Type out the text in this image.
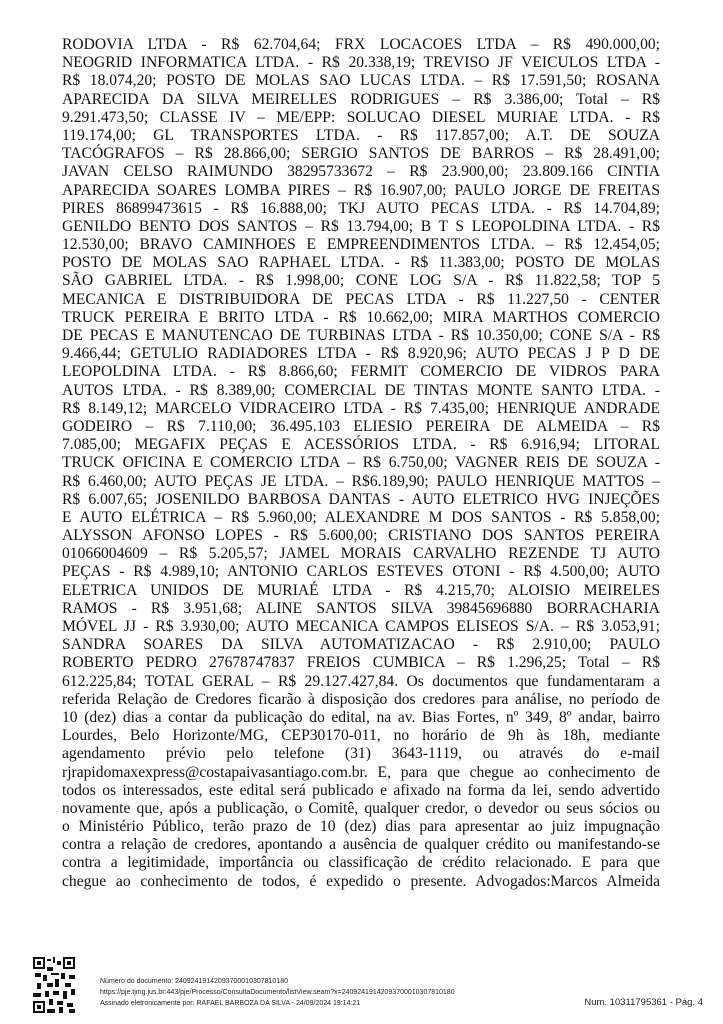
RODOVIA LTDA - R$ 62.704,64; FRX LOCACOES LTDA – R$ 490.000,00;
NEOGRID INFORMATICA LTDA. - R$ 20.338,19; TREVISO JF VEICULOS LTDA -
R$ 18.074,20; POSTO DE MOLAS SAO LUCAS LTDA. – R$ 17.591,50; ROSANA
APARECIDA DA SILVA MEIRELLES RODRIGUES – R$ 3.386,00; Total – R$
9.291.473,50; CLASSE IV – ME/EPP: SOLUCAO DIESEL MURIAE LTDA. - R$
119.174,00; GL TRANSPORTES LTDA. - R$ 117.857,00; A.T. DE SOUZA
TACÓGRAFOS – R$ 28.866,00; SERGIO SANTOS DE BARROS – R$ 28.491,00;
JAVAN CELSO RAIMUNDO 38295733672 – R$ 23.900,00; 23.809.166 CINTIA
APARECIDA SOARES LOMBA PIRES – R$ 16.907,00; PAULO JORGE DE FREITAS
PIRES 86899473615 - R$ 16.888,00; TKJ AUTO PECAS LTDA. - R$ 14.704,89;
GENILDO BENTO DOS SANTOS – R$ 13.794,00; B T S LEOPOLDINA LTDA. - R$
12.530,00; BRAVO CAMINHOES E EMPREENDIMENTOS LTDA. – R$ 12.454,05;
POSTO DE MOLAS SAO RAPHAEL LTDA. - R$ 11.383,00; POSTO DE MOLAS
SÃO GABRIEL LTDA. - R$ 1.998,00; CONE LOG S/A - R$ 11.822,58; TOP 5
MECANICA E DISTRIBUIDORA DE PECAS LTDA - R$ 11.227,50 - CENTER
TRUCK PEREIRA E BRITO LTDA - R$ 10.662,00; MIRA MARTHOS COMERCIO
DE PECAS E MANUTENCAO DE TURBINAS LTDA - R$ 10.350,00; CONE S/A - R$
9.466,44; GETULIO RADIADORES LTDA - R$ 8.920,96; AUTO PECAS J P D DE
LEOPOLDINA LTDA. - R$ 8.866,60; FERMIT COMERCIO DE VIDROS PARA
AUTOS LTDA. - R$ 8.389,00; COMERCIAL DE TINTAS MONTE SANTO LTDA. -
R$ 8.149,12; MARCELO VIDRACEIRO LTDA - R$ 7.435,00; HENRIQUE ANDRADE
GODEIRO – R$ 7.110,00; 36.495.103 ELIESIO PEREIRA DE ALMEIDA – R$
7.085,00; MEGAFIX PEÇAS E ACESSÓRIOS LTDA. - R$ 6.916,94; LITORAL
TRUCK OFICINA E COMERCIO LTDA – R$ 6.750,00; VAGNER REIS DE SOUZA -
R$ 6.460,00; AUTO PEÇAS JE LTDA. – R$6.189,90; PAULO HENRIQUE MATTOS –
R$ 6.007,65; JOSENILDO BARBOSA DANTAS - AUTO ELETRICO HVG INJEÇÕES
E AUTO ELÉTRICA – R$ 5.960,00; ALEXANDRE M DOS SANTOS - R$ 5.858,00;
ALYSSON AFONSO LOPES - R$ 5.600,00; CRISTIANO DOS SANTOS PEREIRA
01066004609 – R$ 5.205,57; JAMEL MORAIS CARVALHO REZENDE TJ AUTO
PEÇAS - R$ 4.989,10; ANTONIO CARLOS ESTEVES OTONI - R$ 4.500,00; AUTO
ELETRICA UNIDOS DE MURIAÉ LTDA - R$ 4.215,70; ALOISIO MEIRELES
RAMOS - R$ 3.951,68; ALINE SANTOS SILVA 39845696880 BORRACHARIA
MÓVEL JJ - R$ 3.930,00; AUTO MECANICA CAMPOS ELISEOS S/A. – R$ 3.053,91;
SANDRA SOARES DA SILVA AUTOMATIZACAO - R$ 2.910,00; PAULO
ROBERTO PEDRO 27678747837 FREIOS CUMBICA – R$ 1.296,25; Total – R$
612.225,84; TOTAL GERAL – R$ 29.127.427,84. Os documentos que fundamentaram a
referida Relação de Credores ficarão à disposição dos credores para análise, no período de
10 (dez) dias a contar da publicação do edital, na av. Bias Fortes, nº 349, 8º andar, bairro
Lourdes, Belo Horizonte/MG, CEP30170-011, no horário de 9h às 18h, mediante
agendamento prévio pelo telefone (31) 3643-1119, ou através do e-mail
rjrapidomaxexpress@costapaivasantiago.com.br. E, para que chegue ao conhecimento de
todos os interessados, este edital será publicado e afixado na forma da lei, sendo advertido
novamente que, após a publicação, o Comitê, qualquer credor, o devedor ou seus sócios ou
o Ministério Público, terão prazo de 10 (dez) dias para apresentar ao juiz impugnação
contra a relação de credores, apontando a ausência de qualquer crédito ou manifestando-se
contra a legitimidade, importância ou classificação de crédito relacionado. E para que
chegue ao conhecimento de todos, é expedido o presente. Advogados:Marcos Almeida
Número do documento: 24092419142093700010307810180
https://pje.tjmg.jus.br:443/pje/Processo/ConsultaDocumento/listView.seam?x=24092419142093700010307810180
Assinado eletronicamente por: RAFAEL BARBOZA DA SILVA - 24/09/2024 19:14:21	Num. 10311795361 - Pág. 4
